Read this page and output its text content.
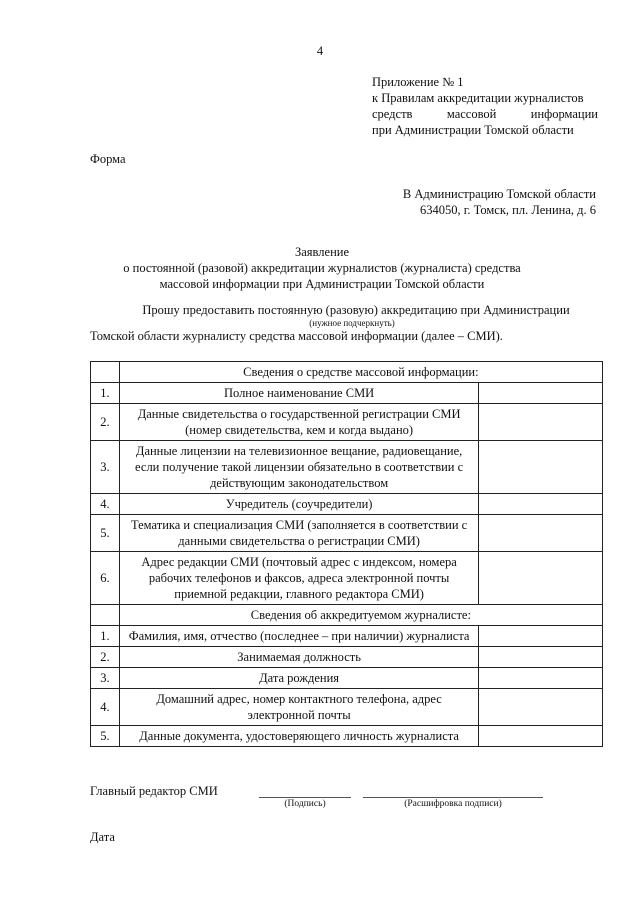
4
Приложение № 1
к Правилам аккредитации журналистов
средств массовой информации
при Администрации Томской области
Форма
В Администрацию Томской области
634050, г. Томск, пл. Ленина, д. 6
Заявление
о постоянной (разовой) аккредитации журналистов (журналиста) средства
массовой информации при Администрации Томской области
Прошу предоставить постоянную (разовую) аккредитацию при Администрации
(нужное подчеркнуть)
Томской области журналисту средства массовой информации (далее – СМИ).
	Сведения о средстве массовой информации:	
1.	Полное наименование СМИ	
2.	Данные свидетельства о государственной регистрации СМИ (номер свидетельства, кем и когда выдано)	
3.	Данные лицензии на телевизионное вещание, радиовещание, если получение такой лицензии обязательно в соответствии с действующим законодательством	
4.	Учредитель (соучредители)	
5.	Тематика и специализация СМИ (заполняется в соответствии с данными свидетельства о регистрации СМИ)	
6.	Адрес редакции СМИ (почтовый адрес с индексом, номера рабочих телефонов и факсов, адреса электронной почты приемной редакции, главного редактора СМИ)	
	Сведения об аккредитуемом журналисте:	
1.	Фамилия, имя, отчество (последнее – при наличии) журналиста	
2.	Занимаемая должность	
3.	Дата рождения	
4.	Домашний адрес, номер контактного телефона, адрес электронной почты	
5.	Данные документа, удостоверяющего личность журналиста	
Главный редактор СМИ
(Подпись)	(Расшифровка подписи)
Дата
